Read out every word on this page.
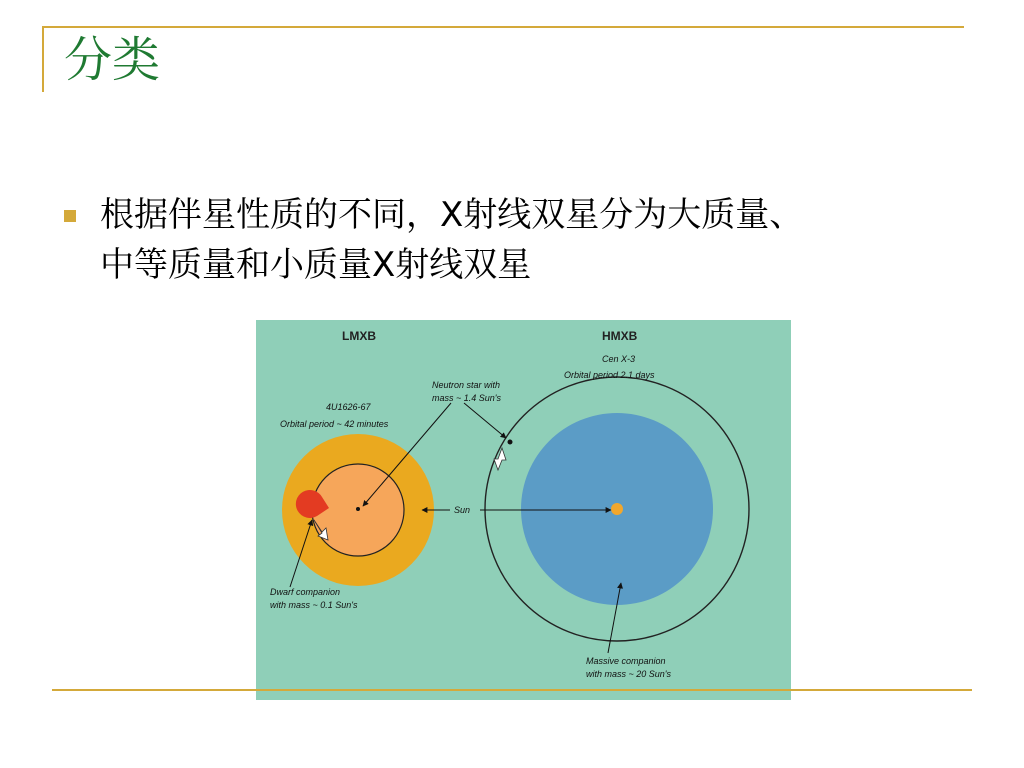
分类
根据伴星性质的不同，X射线双星分为大质量、
中等质量和小质量X射线双星
LMXB	HMXB
Cen X-3
Orbital period 2.1 days
Neutron star with
mass ~ 1.4 Sun's
4U1626-67
Orbital period ~ 42 minutes
Sun
Dwarf companion
with mass ~ 0.1 Sun's
Massive companion
with mass ~ 20 Sun's
